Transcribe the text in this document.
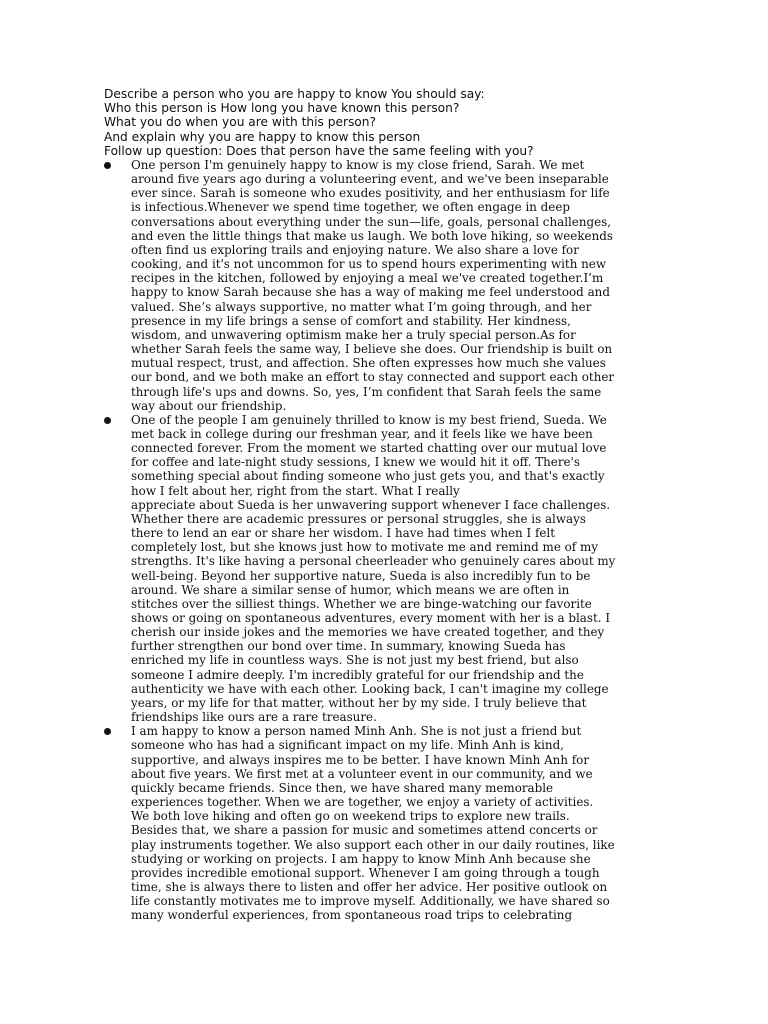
Describe a person who you are happy to know You should say:
Who this person is How long you have known this person?
What you do when you are with this person?
And explain why you are happy to know this person
Follow up question: Does that person have the same feeling with you?
One person I'm genuinely happy to know is my close friend, Sarah. We met
around five years ago during a volunteering event, and we've been inseparable
ever since. Sarah is someone who exudes positivity, and her enthusiasm for life
is infectious.Whenever we spend time together, we often engage in deep
conversations about everything under the sun—life, goals, personal challenges,
and even the little things that make us laugh. We both love hiking, so weekends
often find us exploring trails and enjoying nature. We also share a love for
cooking, and it's not uncommon for us to spend hours experimenting with new
recipes in the kitchen, followed by enjoying a meal we've created together.I’m
happy to know Sarah because she has a way of making me feel understood and
valued. She’s always supportive, no matter what I’m going through, and her
presence in my life brings a sense of comfort and stability. Her kindness,
wisdom, and unwavering optimism make her a truly special person.As for
whether Sarah feels the same way, I believe she does. Our friendship is built on
mutual respect, trust, and affection. She often expresses how much she values
our bond, and we both make an effort to stay connected and support each other
through life's ups and downs. So, yes, I’m confident that Sarah feels the same
way about our friendship.
One of the people I am genuinely thrilled to know is my best friend, Sueda. We
met back in college during our freshman year, and it feels like we have been
connected forever. From the moment we started chatting over our mutual love
for coffee and late-night study sessions, I knew we would hit it off. There's
something special about finding someone who just gets you, and that's exactly
how I felt about her, right from the start. What I really
appreciate about Sueda is her unwavering support whenever I face challenges.
Whether there are academic pressures or personal struggles, she is always
there to lend an ear or share her wisdom. I have had times when I felt
completely lost, but she knows just how to motivate me and remind me of my
strengths. It's like having a personal cheerleader who genuinely cares about my
well-being. Beyond her supportive nature, Sueda is also incredibly fun to be
around. We share a similar sense of humor, which means we are often in
stitches over the silliest things. Whether we are binge-watching our favorite
shows or going on spontaneous adventures, every moment with her is a blast. I
cherish our inside jokes and the memories we have created together, and they
further strengthen our bond over time. In summary, knowing Sueda has
enriched my life in countless ways. She is not just my best friend, but also
someone I admire deeply. I'm incredibly grateful for our friendship and the
authenticity we have with each other. Looking back, I can't imagine my college
years, or my life for that matter, without her by my side. I truly believe that
friendships like ours are a rare treasure.
I am happy to know a person named Minh Anh. She is not just a friend but
someone who has had a significant impact on my life. Minh Anh is kind,
supportive, and always inspires me to be better. I have known Minh Anh for
about five years. We first met at a volunteer event in our community, and we
quickly became friends. Since then, we have shared many memorable
experiences together. When we are together, we enjoy a variety of activities.
We both love hiking and often go on weekend trips to explore new trails.
Besides that, we share a passion for music and sometimes attend concerts or
play instruments together. We also support each other in our daily routines, like
studying or working on projects. I am happy to know Minh Anh because she
provides incredible emotional support. Whenever I am going through a tough
time, she is always there to listen and offer her advice. Her positive outlook on
life constantly motivates me to improve myself. Additionally, we have shared so
many wonderful experiences, from spontaneous road trips to celebrating
